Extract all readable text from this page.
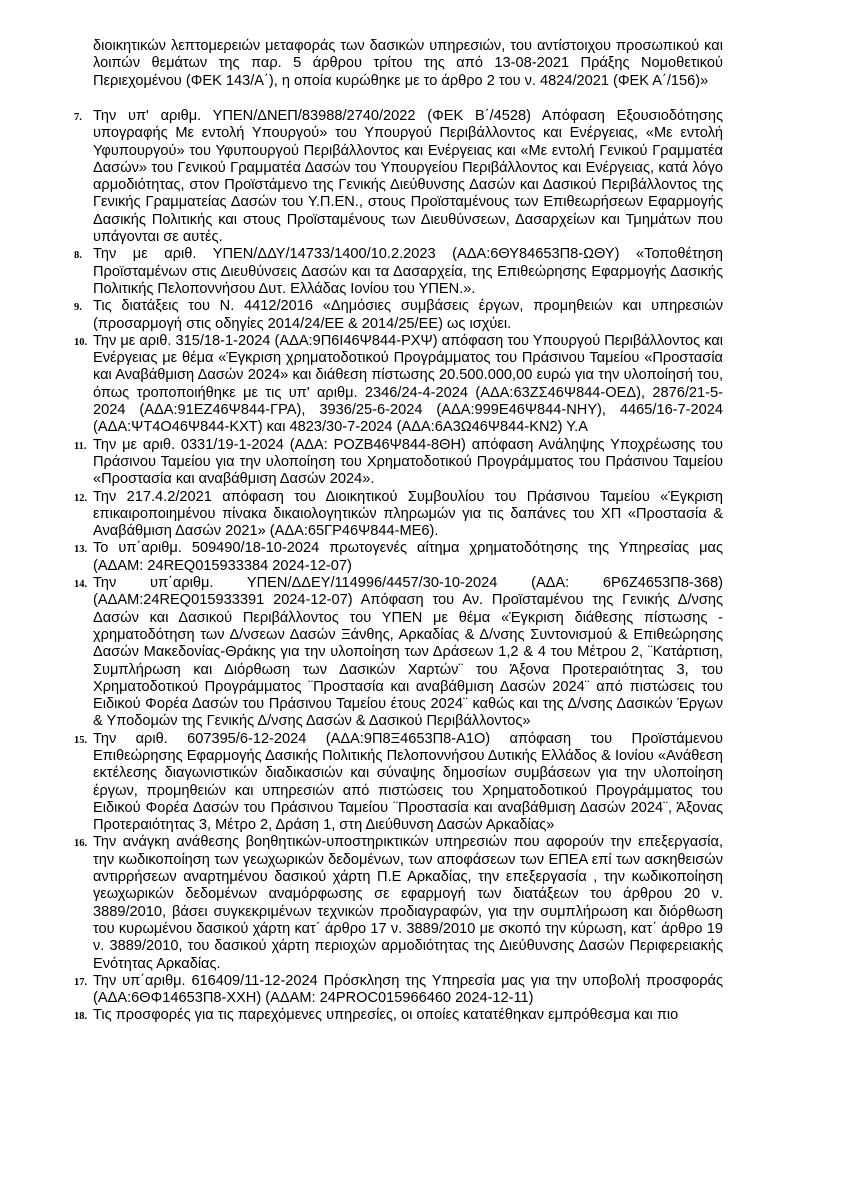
διοικητικών λεπτομερειών μεταφοράς των δασικών υπηρεσιών, του αντίστοιχου προσωπικού και λοιπών θεμάτων της παρ. 5 άρθρου τρίτου της από 13-08-2021 Πράξης Νομοθετικού Περιεχομένου (ΦΕΚ 143/Α΄), η οποία κυρώθηκε με το άρθρο 2 του ν. 4824/2021 (ΦΕΚ Α΄/156)»
7. Την υπ' αριθμ. ΥΠΕΝ/ΔΝΕΠ/83988/2740/2022 (ΦΕΚ Β΄/4528) Απόφαση Εξουσιοδότησης υπογραφής Με εντολή Υπουργού» του Υπουργού Περιβάλλοντος και Ενέργειας, «Με εντολή Υφυπουργού» του Υφυπουργού Περιβάλλοντος και Ενέργειας και «Με εντολή Γενικού Γραμματέα Δασών» του Γενικού Γραμματέα Δασών του Υπουργείου Περιβάλλοντος και Ενέργειας, κατά λόγο αρμοδιότητας, στον Προϊστάμενο της Γενικής Διεύθυνσης Δασών και Δασικού Περιβάλλοντος της Γενικής Γραμματείας Δασών του Υ.Π.ΕΝ., στους Προϊσταμένους των Επιθεωρήσεων Εφαρμογής Δασικής Πολιτικής και στους Προϊσταμένους των Διευθύνσεων, Δασαρχείων και Τμημάτων που υπάγονται σε αυτές.
8. Την με αριθ. ΥΠΕΝ/ΔΔΥ/14733/1400/10.2.2023 (ΑΔΑ:6ΘΥ84653Π8-ΩΘΥ) «Τοποθέτηση Προϊσταμένων στις Διευθύνσεις Δασών και τα Δασαρχεία, της Επιθεώρησης Εφαρμογής Δασικής Πολιτικής Πελοποννήσου Δυτ. Ελλάδας Ιονίου του ΥΠΕΝ.».
9. Τις διατάξεις του Ν. 4412/2016 «Δημόσιες συμβάσεις έργων, προμηθειών και υπηρεσιών (προσαρμογή στις οδηγίες 2014/24/ΕΕ & 2014/25/ΕΕ) ως ισχύει.
10. Την με αριθ. 315/18-1-2024 (ΑΔΑ:9Π6Ι46Ψ844-ΡΧΨ) απόφαση του Υπουργού Περιβάλλοντος και Ενέργειας με θέμα «Έγκριση χρηματοδοτικού Προγράμματος του Πράσινου Ταμείου «Προστασία και Αναβάθμιση Δασών 2024» και διάθεση πίστωσης 20.500.000,00 ευρώ για την υλοποίησή του, όπως τροποποιήθηκε με τις υπ' αριθμ. 2346/24-4-2024 (ΑΔΑ:63ΖΣ46Ψ844-ΟΕΔ), 2876/21-5-2024 (ΑΔΑ:91ΕΖ46Ψ844-ΓΡΑ), 3936/25-6-2024 (ΑΔΑ:999Ε46Ψ844-ΝΗΥ), 4465/16-7-2024 (ΑΔΑ:ΨΤ4Ο46Ψ844-ΚΧΤ) και 4823/30-7-2024 (ΑΔΑ:6Α3Ω46Ψ844-ΚΝ2) Υ.Α
11. Την με αριθ. 0331/19-1-2024 (ΑΔΑ: ΡΟΖΒ46Ψ844-8ΘΗ) απόφαση Ανάληψης Υποχρέωσης του Πράσινου Ταμείου για την υλοποίηση του Χρηματοδοτικού Προγράμματος του Πράσινου Ταμείου «Προστασία και αναβάθμιση Δασών 2024».
12. Την 217.4.2/2021 απόφαση του Διοικητικού Συμβουλίου του Πράσινου Ταμείου «Έγκριση επικαιροποιημένου πίνακα δικαιολογητικών πληρωμών για τις δαπάνες του ΧΠ «Προστασία & Αναβάθμιση Δασών 2021» (ΑΔΑ:65ΓΡ46Ψ844-ΜΕ6).
13. Το υπ΄αριθμ. 509490/18-10-2024 πρωτογενές αίτημα χρηματοδότησης της Υπηρεσίας μας (ΑΔΑΜ: 24REQ015933384 2024-12-07)
14. Την υπ΄αριθμ. ΥΠΕΝ/ΔΔΕΥ/114996/4457/30-10-2024 (ΑΔΑ: 6Ρ6Ζ4653Π8-368) (ΑΔΑΜ:24REQ015933391 2024-12-07) Απόφαση του Αν. Προϊσταμένου της Γενικής Δ/νσης Δασών και Δασικού Περιβάλλοντος του ΥΠΕΝ με θέμα «Έγκριση διάθεσης πίστωσης - χρηματοδότηση των Δ/νσεων Δασών Ξάνθης, Αρκαδίας & Δ/νσης Συντονισμού & Επιθεώρησης Δασών Μακεδονίας-Θράκης για την υλοποίηση των Δράσεων 1,2 & 4 του Μέτρου 2, ¨Κατάρτιση, Συμπλήρωση και Διόρθωση των Δασικών Χαρτών¨ του Άξονα Προτεραιότητας 3, του Χρηματοδοτικού Προγράμματος ¨Προστασία και αναβάθμιση Δασών 2024¨ από πιστώσεις του Ειδικού Φορέα Δασών του Πράσινου Ταμείου έτους 2024¨ καθώς και της Δ/νσης Δασικών Έργων & Υποδομών της Γενικής Δ/νσης Δασών & Δασικού Περιβάλλοντος»
15. Την αριθ. 607395/6-12-2024 (ΑΔΑ:9Π8Ξ4653Π8-Α1Ο) απόφαση του Προϊστάμενου Επιθεώρησης Εφαρμογής Δασικής Πολιτικής Πελοποννήσου Δυτικής Ελλάδος & Ιονίου «Ανάθεση εκτέλεσης διαγωνιστικών διαδικασιών και σύναψης δημοσίων συμβάσεων για την υλοποίηση έργων, προμηθειών και υπηρεσιών από πιστώσεις του Χρηματοδοτικού Προγράμματος του Ειδικού Φορέα Δασών του Πράσινου Ταμείου ¨Προστασία και αναβάθμιση Δασών 2024¨, Άξονας Προτεραιότητας 3, Μέτρο 2, Δράση 1, στη Διεύθυνση Δασών Αρκαδίας»
16. Την ανάγκη ανάθεσης βοηθητικών-υποστηρικτικών υπηρεσιών που αφορούν την επεξεργασία, την κωδικοποίηση των γεωχωρικών δεδομένων, των αποφάσεων των ΕΠΕΑ επί των ασκηθεισών αντιρρήσεων αναρτημένου δασικού χάρτη Π.Ε Αρκαδίας, την επεξεργασία , την κωδικοποίηση γεωχωρικών δεδομένων αναμόρφωσης σε εφαρμογή των διατάξεων του άρθρου 20 ν. 3889/2010, βάσει συγκεκριμένων τεχνικών προδιαγραφών, για την συμπλήρωση και διόρθωση του κυρωμένου δασικού χάρτη κατ΄ άρθρο 17 ν. 3889/2010 με σκοπό την κύρωση, κατ΄ άρθρο 19 ν. 3889/2010, του δασικού χάρτη περιοχών αρμοδιότητας της Διεύθυνσης Δασών Περιφερειακής Ενότητας Αρκαδίας.
17. Την υπ΄αριθμ. 616409/11-12-2024 Πρόσκληση της Υπηρεσία μας για την υποβολή προσφοράς (ΑΔΑ:6ΘΦ14653Π8-ΧΧΗ) (ΑΔΑΜ: 24PROC015966460 2024-12-11)
18. Τις προσφορές για τις παρεχόμενες υπηρεσίες, οι οποίες κατατέθηκαν εμπρόθεσμα και πιο
